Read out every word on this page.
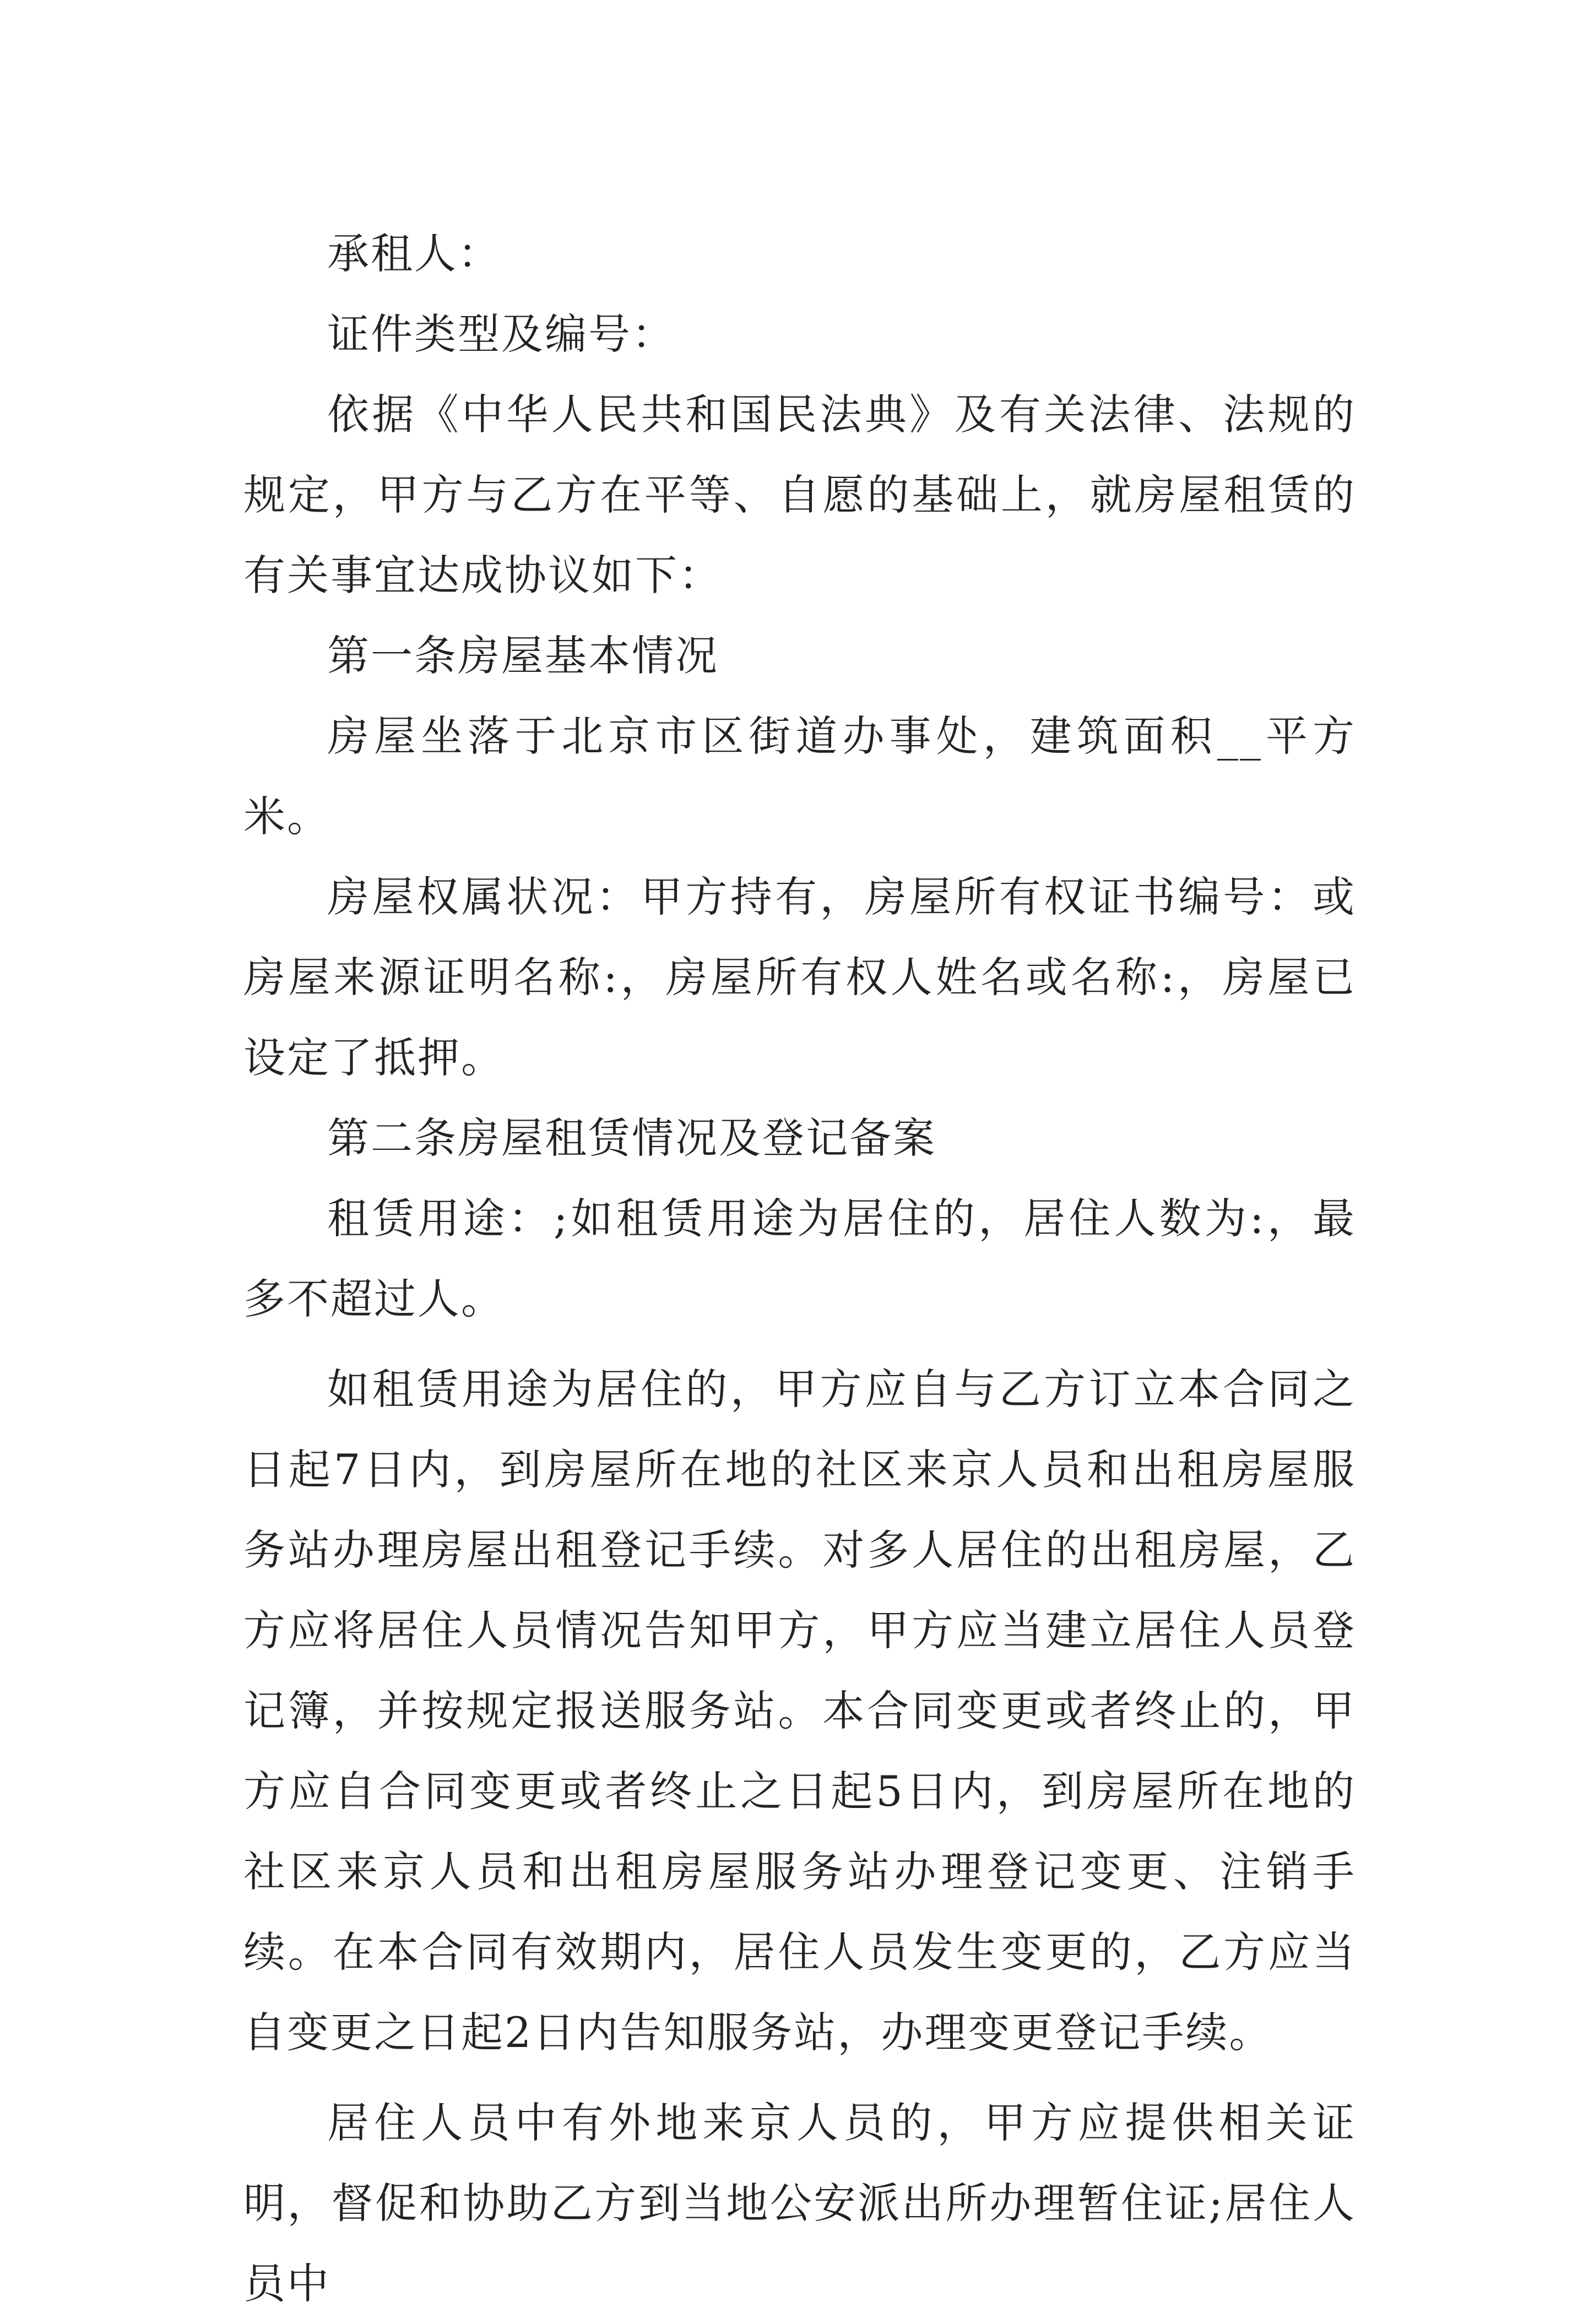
承租人：

证件类型及编号：

依据《中华人民共和国民法典》及有关法律、法规的规定，甲方与乙方在平等、自愿的基础上，就房屋租赁的有关事宜达成协议如下：

第一条房屋基本情况

房屋坐落于北京市区街道办事处，建筑面积__平方米。

房屋权属状况：甲方持有，房屋所有权证书编号：或房屋来源证明名称:，房屋所有权人姓名或名称:，房屋已设定了抵押。

第二条房屋租赁情况及登记备案

租赁用途：;如租赁用途为居住的，居住人数为:，最多不超过人。

如租赁用途为居住的，甲方应自与乙方订立本合同之日起7日内，到房屋所在地的社区来京人员和出租房屋服务站办理房屋出租登记手续。对多人居住的出租房屋，乙方应将居住人员情况告知甲方，甲方应当建立居住人员登记簿，并按规定报送服务站。本合同变更或者终止的，甲方应自合同变更或者终止之日起5日内，到房屋所在地的社区来京人员和出租房屋服务站办理登记变更、注销手续。在本合同有效期内，居住人员发生变更的，乙方应当自变更之日起2日内告知服务站，办理变更登记手续。

居住人员中有外地来京人员的，甲方应提供相关证明，督促和协助乙方到当地公安派出所办理暂住证;居住人员中
